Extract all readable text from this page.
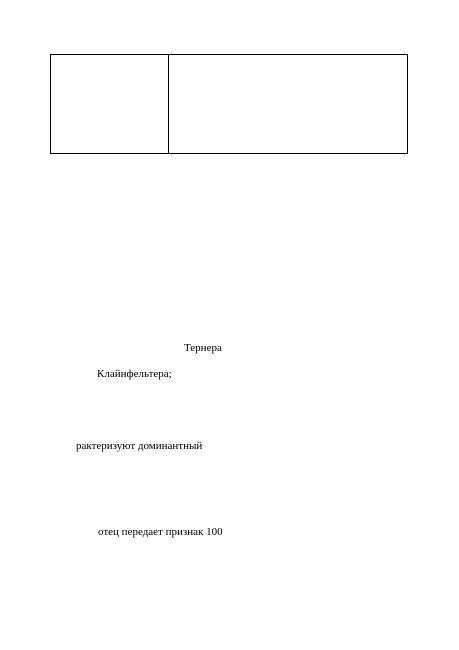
Тернера
Клайнфельтера;
рактеризуют доминантный
отец передает признак 100
